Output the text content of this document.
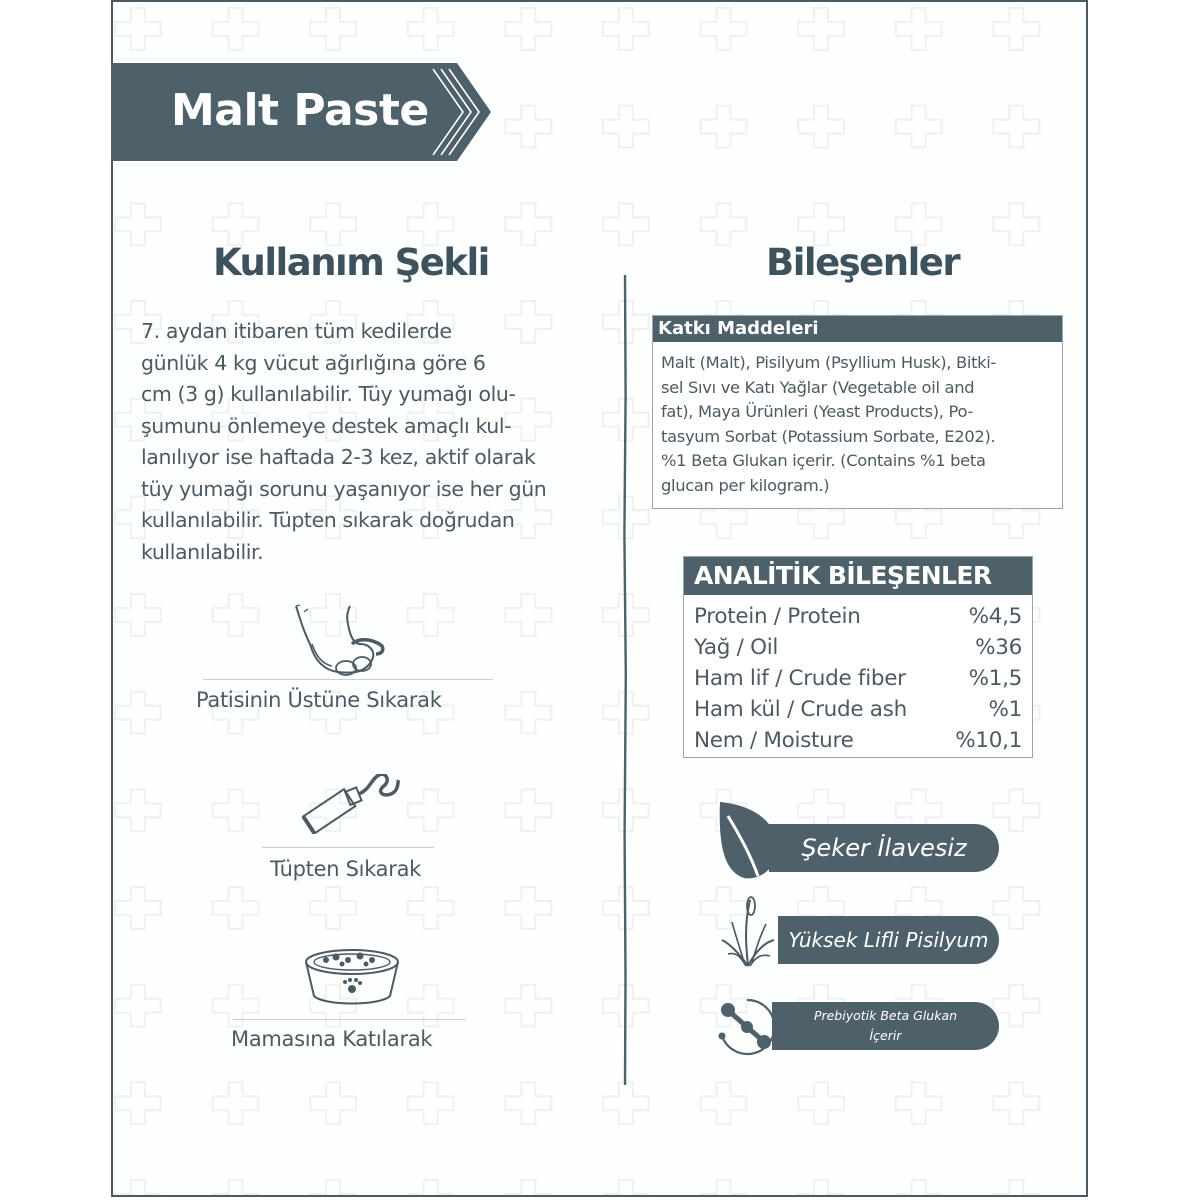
Malt Paste
Kullanım Şekli
7. aydan itibaren tüm kedilerde
günlük 4 kg vücut ağırlığına göre 6
cm (3 g) kullanılabilir. Tüy yumağı olu-
şumunu önlemeye destek amaçlı kul-
lanılıyor ise haftada 2-3 kez, aktif olarak
tüy yumağı sorunu yaşanıyor ise her gün
kullanılabilir. Tüpten sıkarak doğrudan
kullanılabilir.
Patisinin Üstüne Sıkarak
Tüpten Sıkarak
Mamasına Katılarak
Bileşenler
Katkı Maddeleri
Malt (Malt), Pisilyum (Psyllium Husk), Bitki-
sel Sıvı ve Katı Yağlar (Vegetable oil and
fat), Maya Ürünleri (Yeast Products), Po-
tasyum Sorbat (Potassium Sorbate, E202).
%1 Beta Glukan içerir. (Contains %1 beta
glucan per kilogram.)
ANALİTİK BİLEŞENLER
Protein / Protein	%4,5
Yağ / Oil	%36
Ham lif / Crude fiber	%1,5
Ham kül / Crude ash	%1
Nem / Moisture	%10,1
Şeker İlavesiz
Yüksek Lifli Pisilyum
Prebiyotik Beta Glukan
İçerir
